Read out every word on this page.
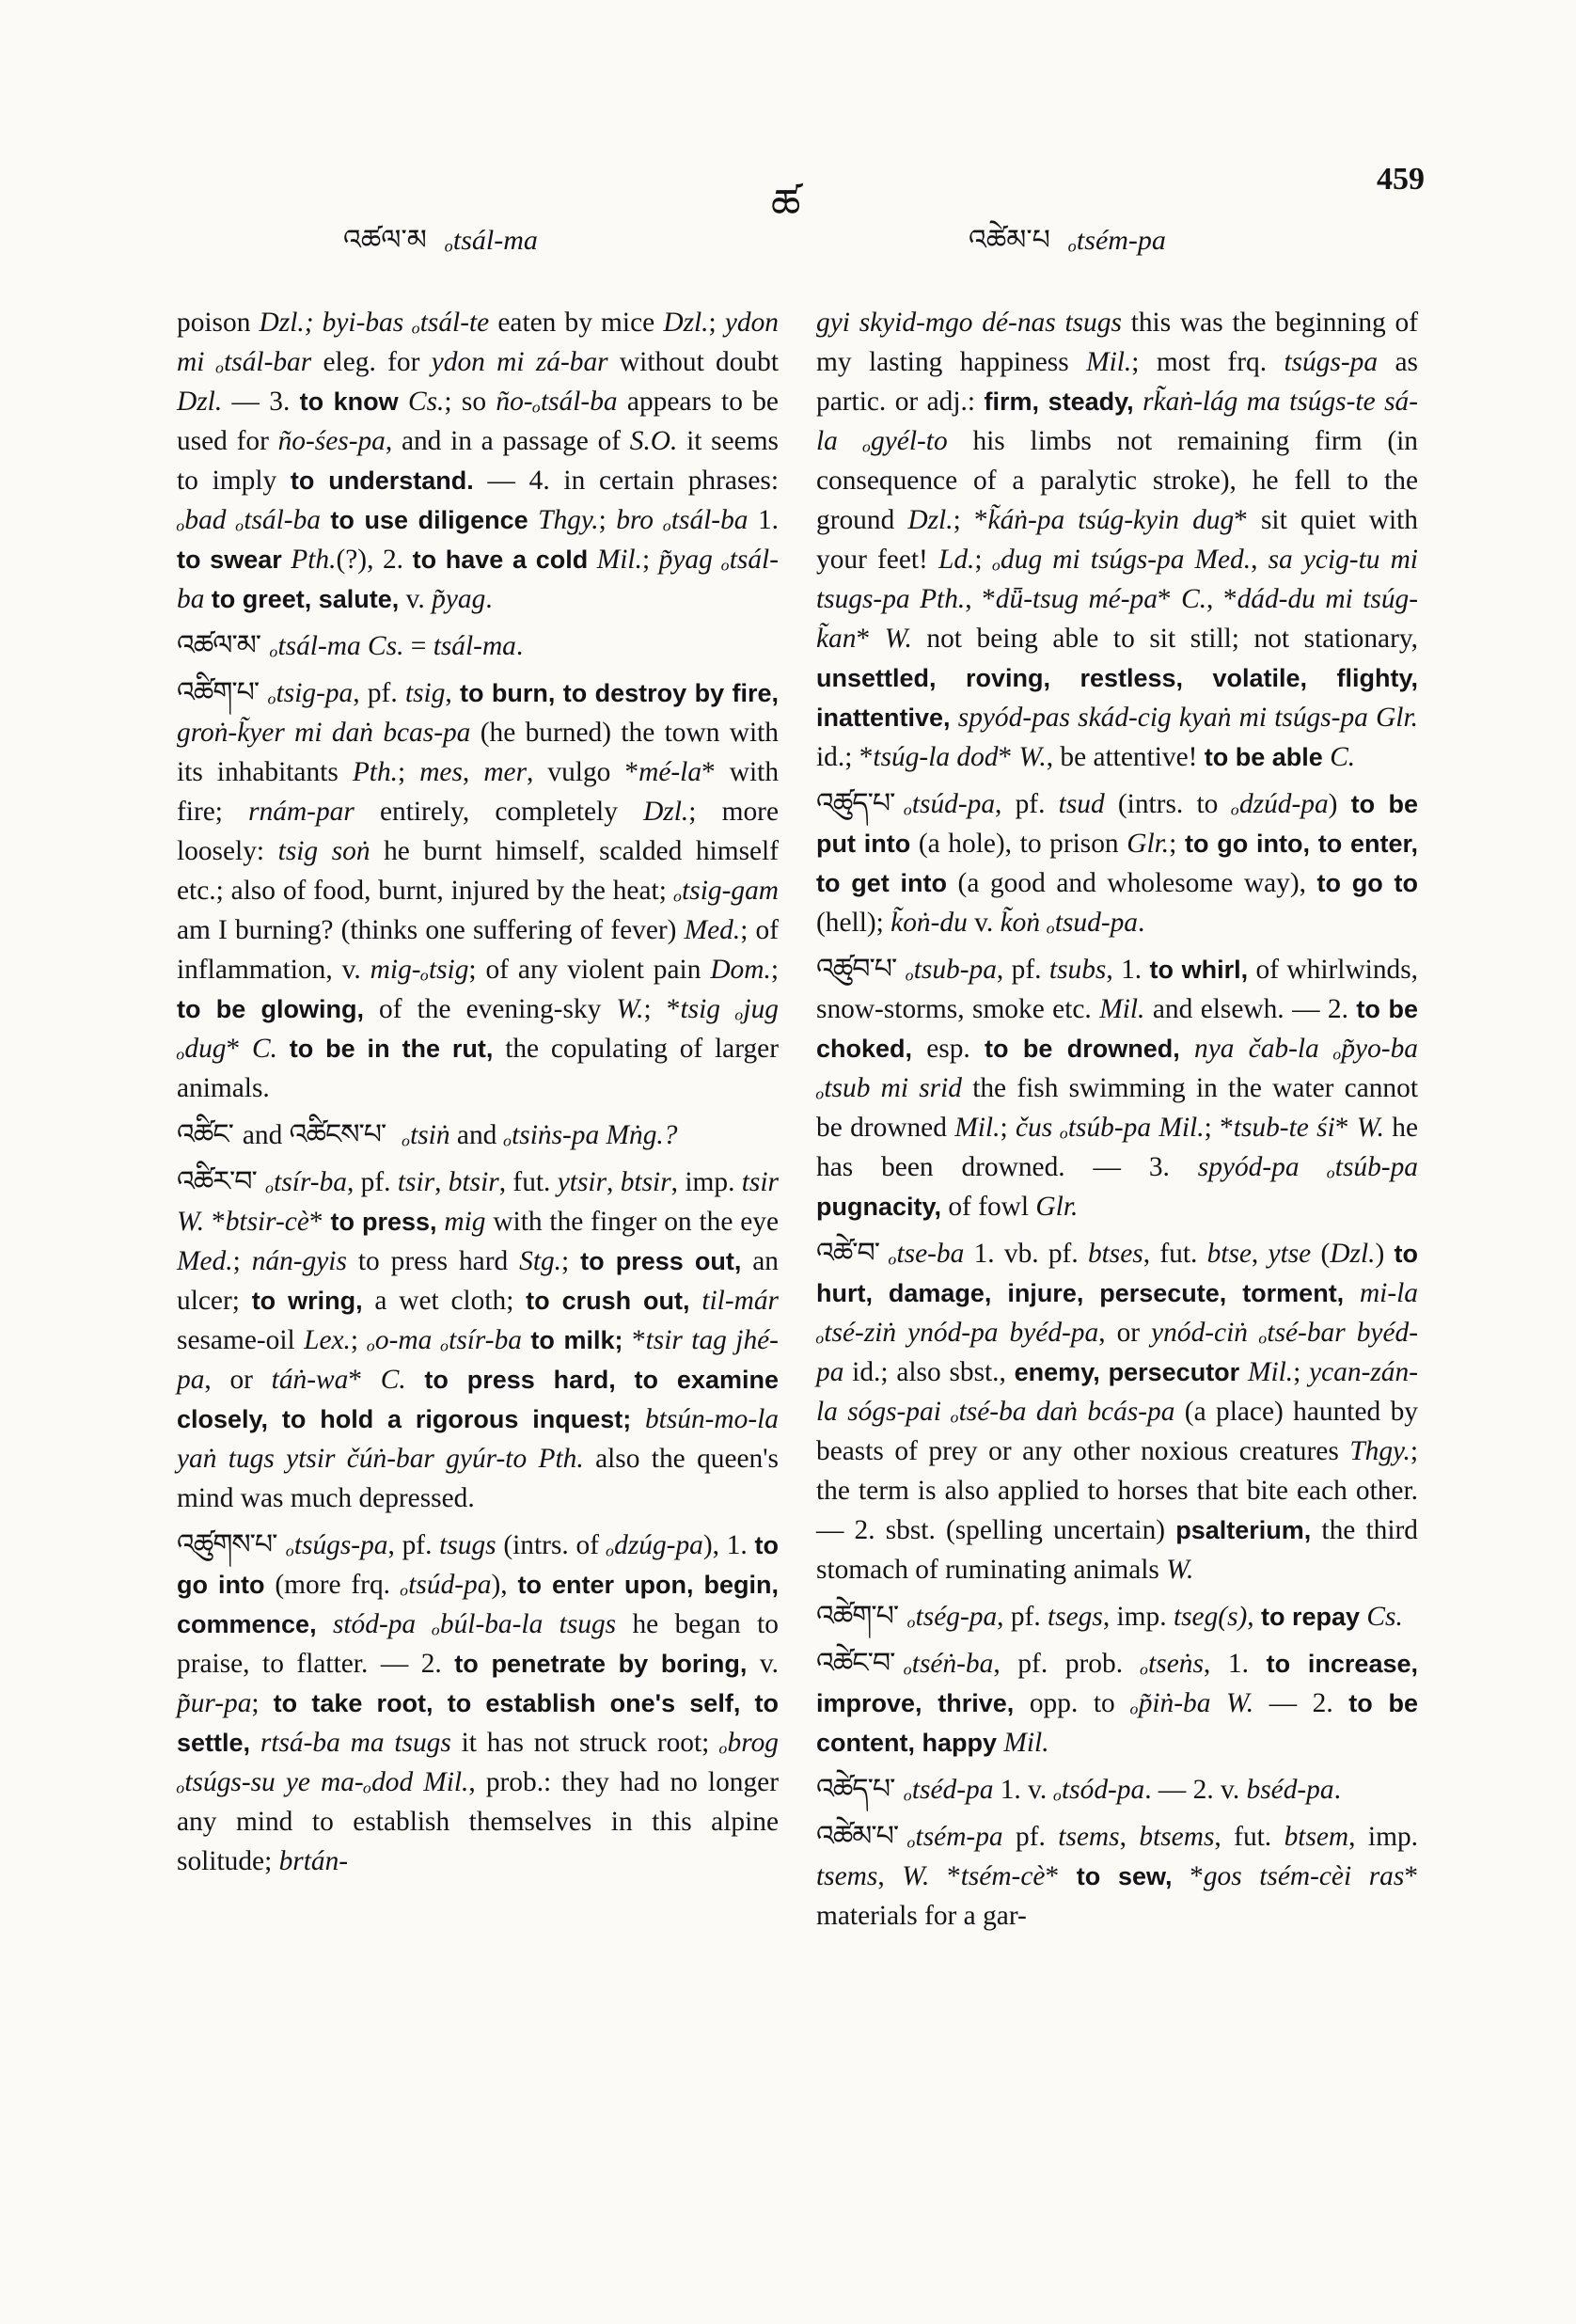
འཚལ་མ ₒtsál-ma
ཚ
འཚེམ་པ ₒtsém-pa
459

poison Dzl.; byi-bas ₒtsál-te eaten by mice Dzl.; ydon mi ₒtsál-bar eleg. for ydon mi zá-bar without doubt Dzl. — 3. to know Cs.; so ño-ₒtsál-ba appears to be used for ño-śes-pa, and in a passage of S.O. it seems to imply to understand. — 4. in certain phrases: ₒbad ₒtsál-ba to use diligence Thgy.; bro ₒtsál-ba 1. to swear Pth.(?), 2. to have a cold Mil.; p̃yag ₒtsál-ba to greet, salute, v. p̃yag.

འཚལ་མ་ ₒtsál-ma Cs. = tsál-ma.

འཚིག་པ་ ₒtsig-pa, pf. tsig, to burn, to destroy by fire, groṅ-k̃yer mi daṅ bcas-pa (he burned) the town with its inhabitants Pth.; mes, mer, vulgo *mé-la* with fire; rnám-par entirely, completely Dzl.; more loosely: tsig soṅ he burnt himself, scalded himself etc.; also of food, burnt, injured by the heat; ₒtsig-gam am I burning? (thinks one suffering of fever) Med.; of inflammation, v. mig-ₒtsig; of any violent pain Dom.; to be glowing, of the evening-sky W.; *tsig ₒjug ₒdug* C. to be in the rut, the copulating of larger animals.

འཚིང་ and འཚིངས་པ་ ₒtsiṅ and ₒtsiṅs-pa Mṅg.?

འཚིར་བ་ ₒtsír-ba, pf. tsir, btsir, fut. ytsir, btsir, imp. tsir W. *btsir-cè* to press, mig with the finger on the eye Med.; nán-gyis to press hard Stg.; to press out, an ulcer; to wring, a wet cloth; to crush out, til-már sesame-oil Lex.; ₒo-ma ₒtsír-ba to milk; *tsir tag jhé-pa, or táṅ-wa* C. to press hard, to examine closely, to hold a rigorous inquest; btsún-mo-la yaṅ tugs ytsir čúṅ-bar gyúr-to Pth. also the queen's mind was much depressed.

འཚུགས་པ་ ₒtsúgs-pa, pf. tsugs (intrs. of ₒdzúg-pa), 1. to go into (more frq. ₒtsúd-pa), to enter upon, begin, commence, stód-pa ₒbúl-ba-la tsugs he began to praise, to flatter. — 2. to penetrate by boring, v. p̃ur-pa; to take root, to establish one's self, to settle, rtsá-ba ma tsugs it has not struck root; ₒbrog ₒtsúgs-su ye ma-ₒdod Mil., prob.: they had no longer any mind to establish themselves in this alpine solitude; brtán-

gyi skyid-mgo dé-nas tsugs this was the beginning of my lasting happiness Mil.; most frq. tsúgs-pa as partic. or adj.: firm, steady, rk̃aṅ-lág ma tsúgs-te sá-la ₒgyél-to his limbs not remaining firm (in consequence of a paralytic stroke), he fell to the ground Dzl.; *k̃áṅ-pa tsúg-kyin dug* sit quiet with your feet! Ld.; ₒdug mi tsúgs-pa Med., sa ycig-tu mi tsugs-pa Pth., *dǖ-tsug mé-pa* C., *dád-du mi tsúg-k̃an* W. not being able to sit still; not stationary, unsettled, roving, restless, volatile, flighty, inattentive, spyód-pas skád-cig kyaṅ mi tsúgs-pa Glr. id.; *tsúg-la dod* W., be attentive! to be able C.

འཚུད་པ་ ₒtsúd-pa, pf. tsud (intrs. to ₒdzúd-pa) to be put into (a hole), to prison Glr.; to go into, to enter, to get into (a good and wholesome way), to go to (hell); k̃oṅ-du v. k̃oṅ ₒtsud-pa.

འཚུབ་པ་ ₒtsub-pa, pf. tsubs, 1. to whirl, of whirlwinds, snow-storms, smoke etc. Mil. and elsewh. — 2. to be choked, esp. to be drowned, nya čab-la ₒp̃yo-ba ₒtsub mi srid the fish swimming in the water cannot be drowned Mil.; čus ₒtsúb-pa Mil.; *tsub-te śi* W. he has been drowned. — 3. spyód-pa ₒtsúb-pa pugnacity, of fowl Glr.

འཚེ་བ་ ₒtse-ba 1. vb. pf. btses, fut. btse, ytse (Dzl.) to hurt, damage, injure, persecute, torment, mi-la ₒtsé-ziṅ ynód-pa byéd-pa, or ynód-ciṅ ₒtsé-bar byéd-pa id.; also sbst., enemy, persecutor Mil.; ycan-zán-la sógs-pai ₒtsé-ba daṅ bcás-pa (a place) haunted by beasts of prey or any other noxious creatures Thgy.; the term is also applied to horses that bite each other. — 2. sbst. (spelling uncertain) psalterium, the third stomach of ruminating animals W.

འཚེག་པ་ ₒtség-pa, pf. tsegs, imp. tseg(s), to repay Cs.

འཚེང་བ་ ₒtséṅ-ba, pf. prob. ₒtseṅs, 1. to increase, improve, thrive, opp. to ₒp̃iṅ-ba W. — 2. to be content, happy Mil.

འཚེད་པ་ ₒtséd-pa 1. v. ₒtsód-pa. — 2. v. bséd-pa.

འཚེམ་པ་ ₒtsém-pa pf. tsems, btsems, fut. btsem, imp. tsems, W. *tsém-cè* to sew, *gos tsém-cèi ras* materials for a gar-
